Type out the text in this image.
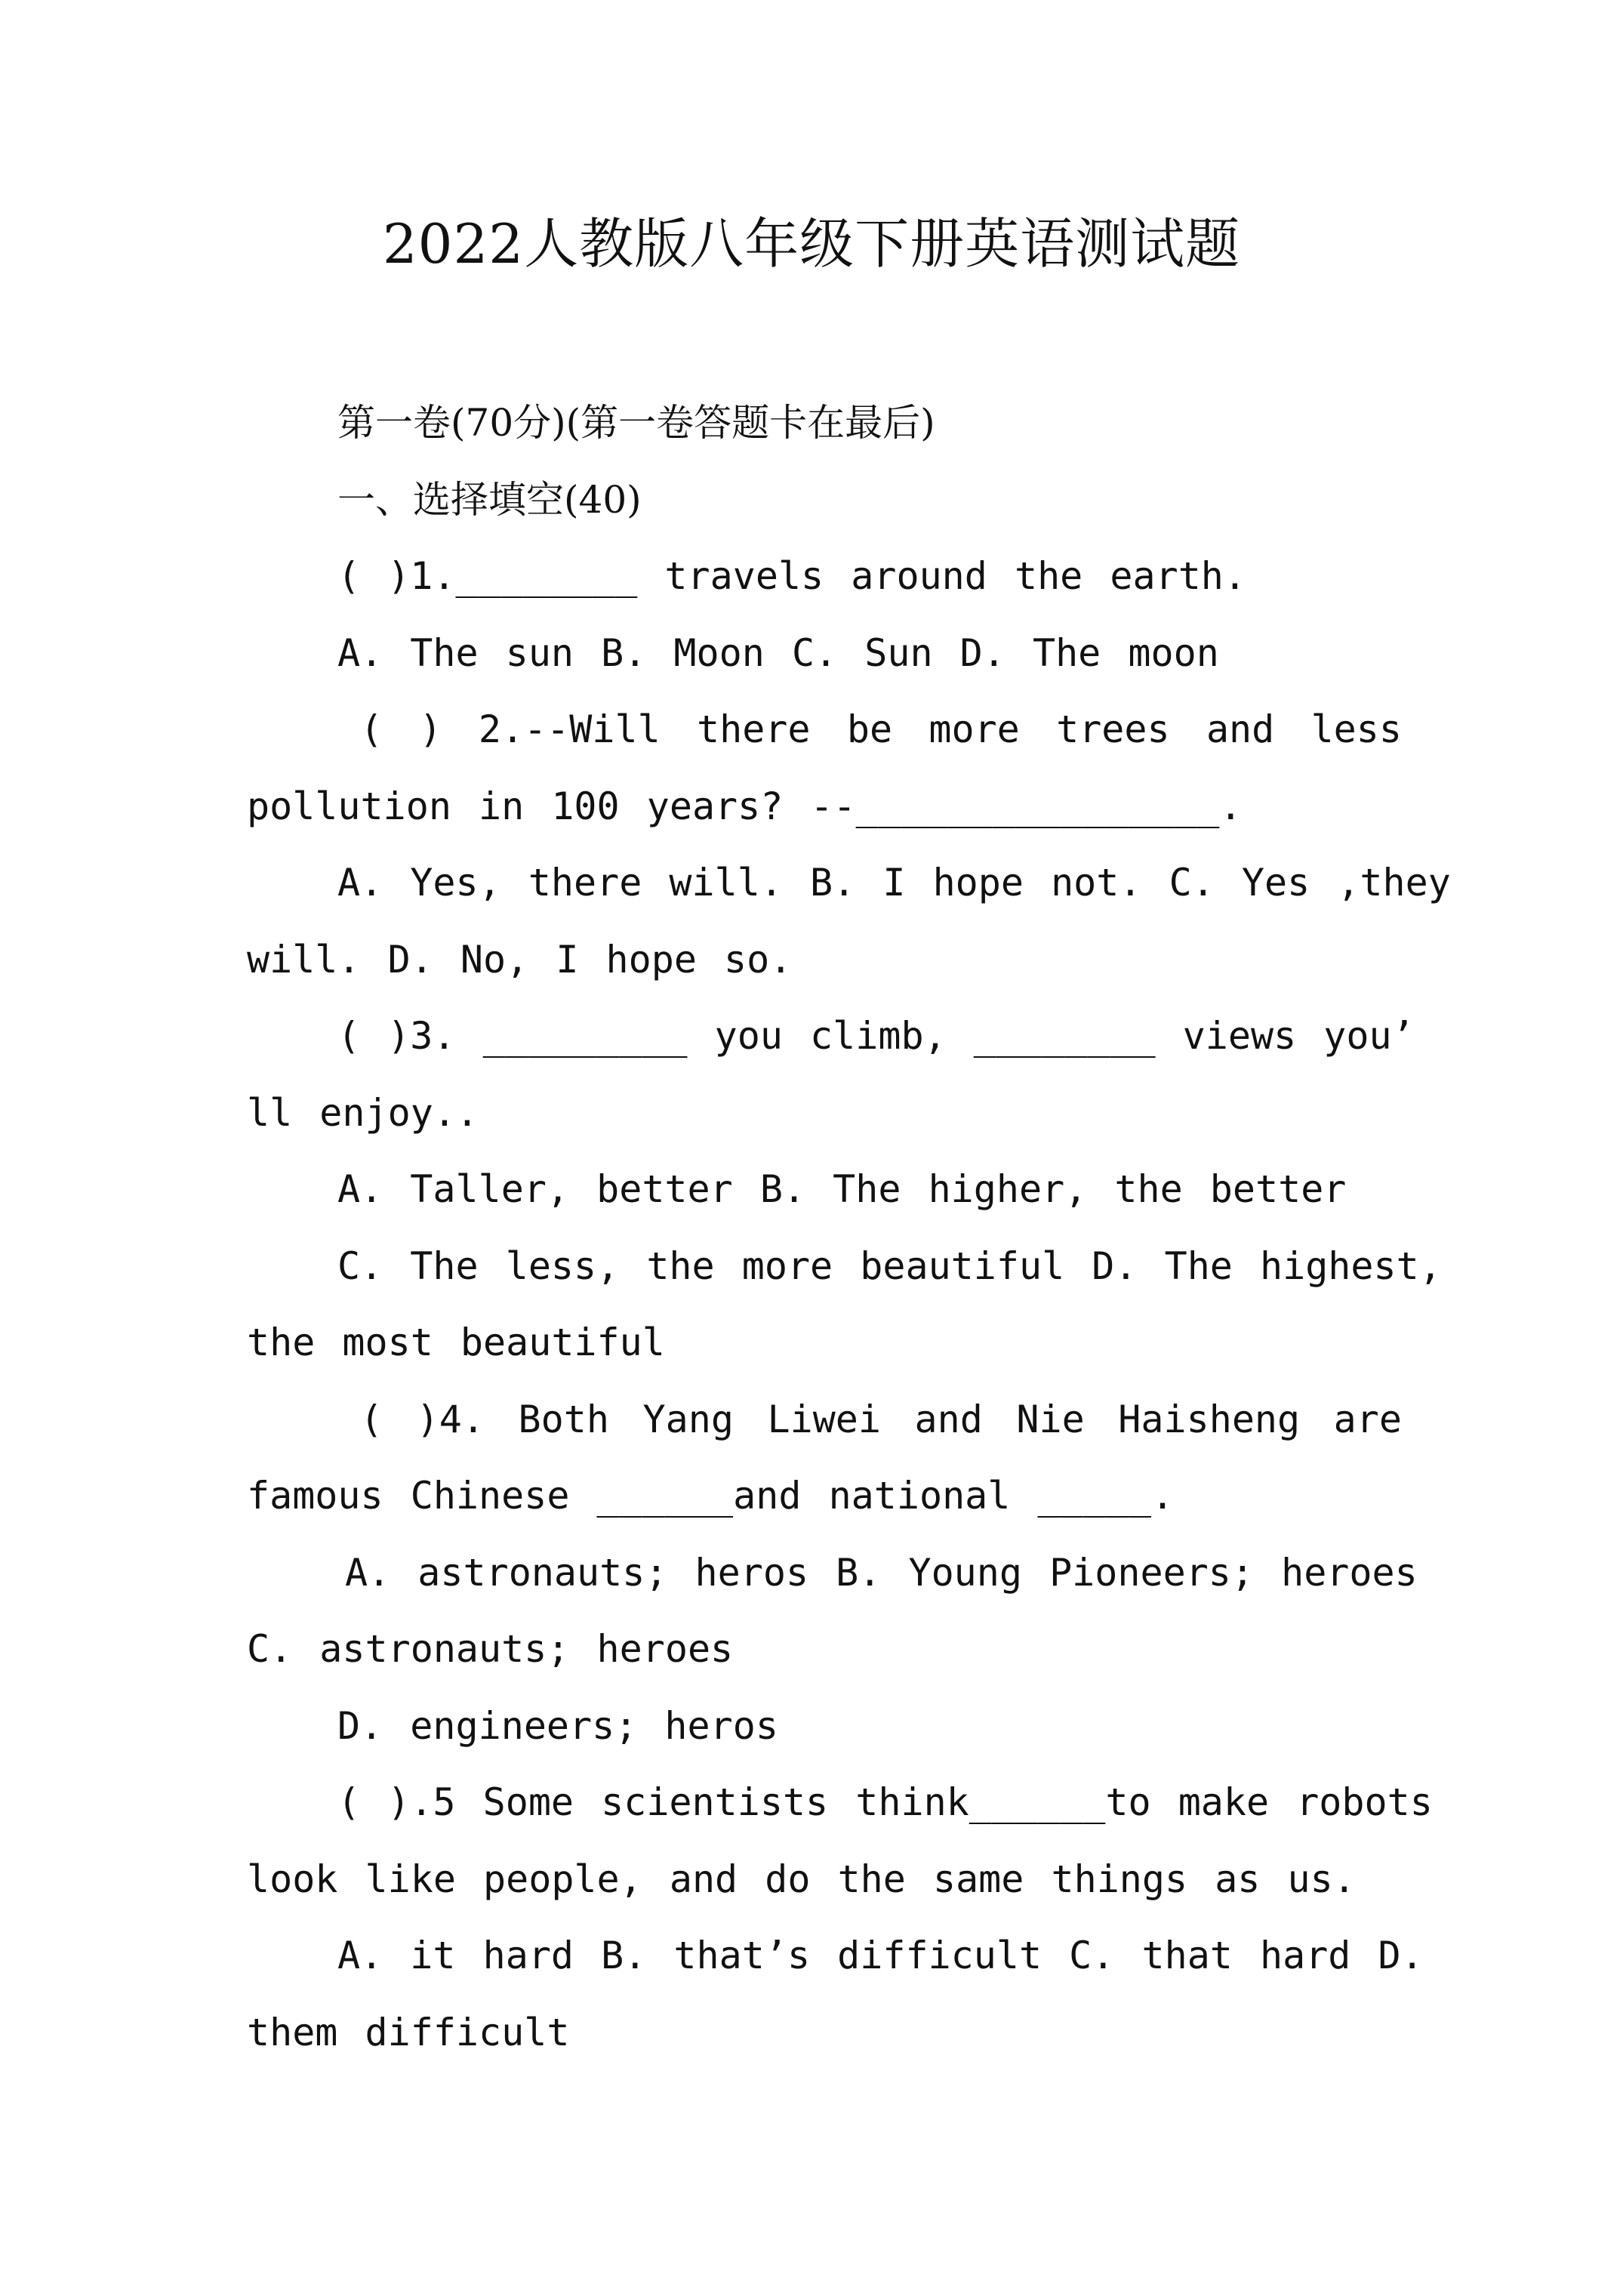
2022人教版八年级下册英语测试题
第一卷(70分)(第一卷答题卡在最后)
一、选择填空(40)
( )1.________ travels around the earth.
A. The sun B. Moon C. Sun D. The moon
( ) 2.--Will there be more trees and less
pollution in 100 years? --________________.
A. Yes, there will. B. I hope not. C. Yes ,they
will. D. No, I hope so.
( )3. _________ you climb, ________ views you’
ll enjoy..
A. Taller, better B. The higher, the better
C. The less, the more beautiful D. The highest,
the most beautiful
( )4. Both Yang Liwei and Nie Haisheng are
famous Chinese ______and national _____.
A. astronauts; heros B. Young Pioneers; heroes
C. astronauts; heroes
D. engineers; heros
( ).5 Some scientists think______to make robots
look like people, and do the same things as us.
A. it hard B. that’s difficult C. that hard D.
them difficult
